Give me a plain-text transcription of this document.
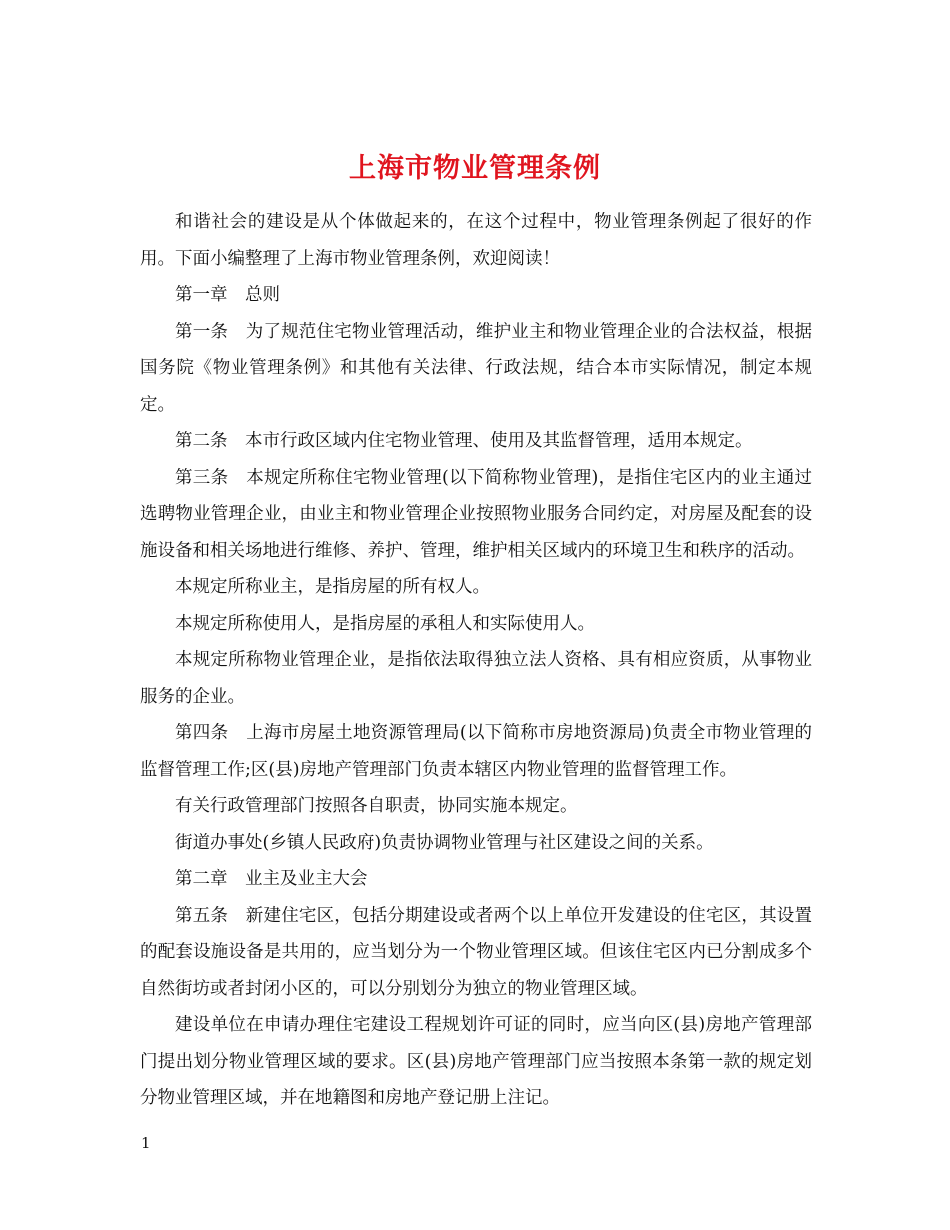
上海市物业管理条例

和谐社会的建设是从个体做起来的，在这个过程中，物业管理条例起了很好的作用。下面小编整理了上海市物业管理条例，欢迎阅读！

第一章　总则

第一条　为了规范住宅物业管理活动，维护业主和物业管理企业的合法权益，根据国务院《物业管理条例》和其他有关法律、行政法规，结合本市实际情况，制定本规定。

第二条　本市行政区域内住宅物业管理、使用及其监督管理，适用本规定。

第三条　本规定所称住宅物业管理(以下简称物业管理)，是指住宅区内的业主通过选聘物业管理企业，由业主和物业管理企业按照物业服务合同约定，对房屋及配套的设施设备和相关场地进行维修、养护、管理，维护相关区域内的环境卫生和秩序的活动。

本规定所称业主，是指房屋的所有权人。

本规定所称使用人，是指房屋的承租人和实际使用人。

本规定所称物业管理企业，是指依法取得独立法人资格、具有相应资质，从事物业服务的企业。

第四条　上海市房屋土地资源管理局(以下简称市房地资源局)负责全市物业管理的监督管理工作;区(县)房地产管理部门负责本辖区内物业管理的监督管理工作。

有关行政管理部门按照各自职责，协同实施本规定。

街道办事处(乡镇人民政府)负责协调物业管理与社区建设之间的关系。

第二章　业主及业主大会

第五条　新建住宅区，包括分期建设或者两个以上单位开发建设的住宅区，其设置的配套设施设备是共用的，应当划分为一个物业管理区域。但该住宅区内已分割成多个自然街坊或者封闭小区的，可以分别划分为独立的物业管理区域。

建设单位在申请办理住宅建设工程规划许可证的同时，应当向区(县)房地产管理部门提出划分物业管理区域的要求。区(县)房地产管理部门应当按照本条第一款的规定划分物业管理区域，并在地籍图和房地产登记册上注记。

1
